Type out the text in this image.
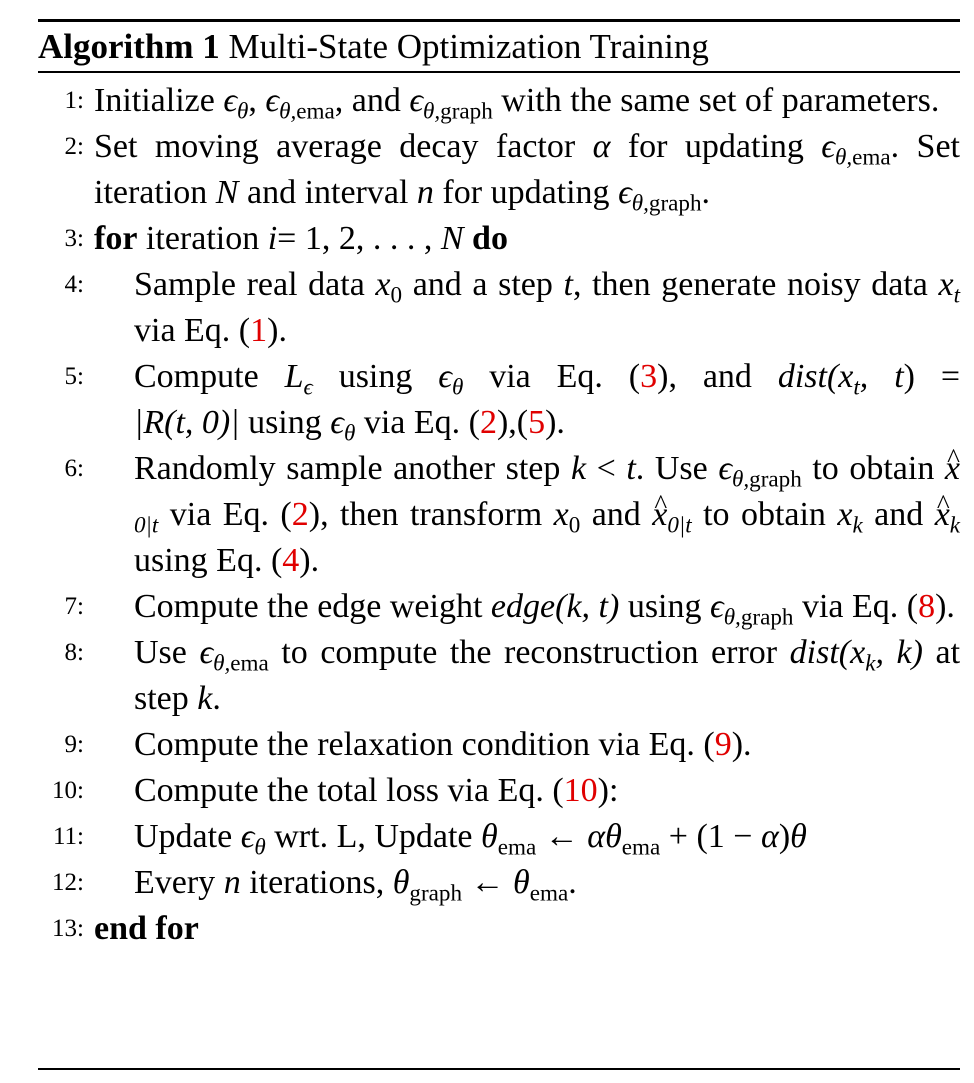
Algorithm 1 Multi-State Optimization Training
1: Initialize $\epsilon_\theta$, $\epsilon_{\theta,ema}$, and $\epsilon_{\theta,graph}$ with the same set of parameters.
2: Set moving average decay factor α for updating $\epsilon_{\theta,ema}$. Set iteration N and interval n for updating $\epsilon_{\theta,graph}$.
3: for iteration i= 1, 2, . . . , N do
4:	Sample real data $x_0$ and a step t, then generate noisy data $x_t$ via Eq. (1).
5:	Compute $L_\epsilon$ using $\epsilon_\theta$ via Eq. (3), and $dist(x_t$, t) =
|R(t, 0)| using $\epsilon_\theta$ via Eq. (2),(5).
6:	Randomly sample another step k < t. Use $\epsilon_{\theta,graph}$ to obtain ^ $x_{0|t}$ via Eq. (2), then transform $x_0$ and ^ $x_{0|t}$ to obtain $x_k$ and ^ $x_k$ using Eq. (4).
7:	Compute the edge weight edge(k, t) using $\epsilon_{\theta,graph}$ via Eq. (8).
8:	Use $\epsilon_{\theta,ema}$ to compute the reconstruction error $dist(x_k$, k) at step k.
9:	Compute the relaxation condition via Eq. (9).
10:	Compute the total loss via Eq. (10):
11:	Update $\epsilon_\theta$ wrt. L, Update $\theta_{ema}$ ← $\alpha\theta_{ema} + (1 - \alpha)\theta$
12:	Every n iterations, $\theta_{graph}$ ← $\theta_{ema}$.
13: end for
